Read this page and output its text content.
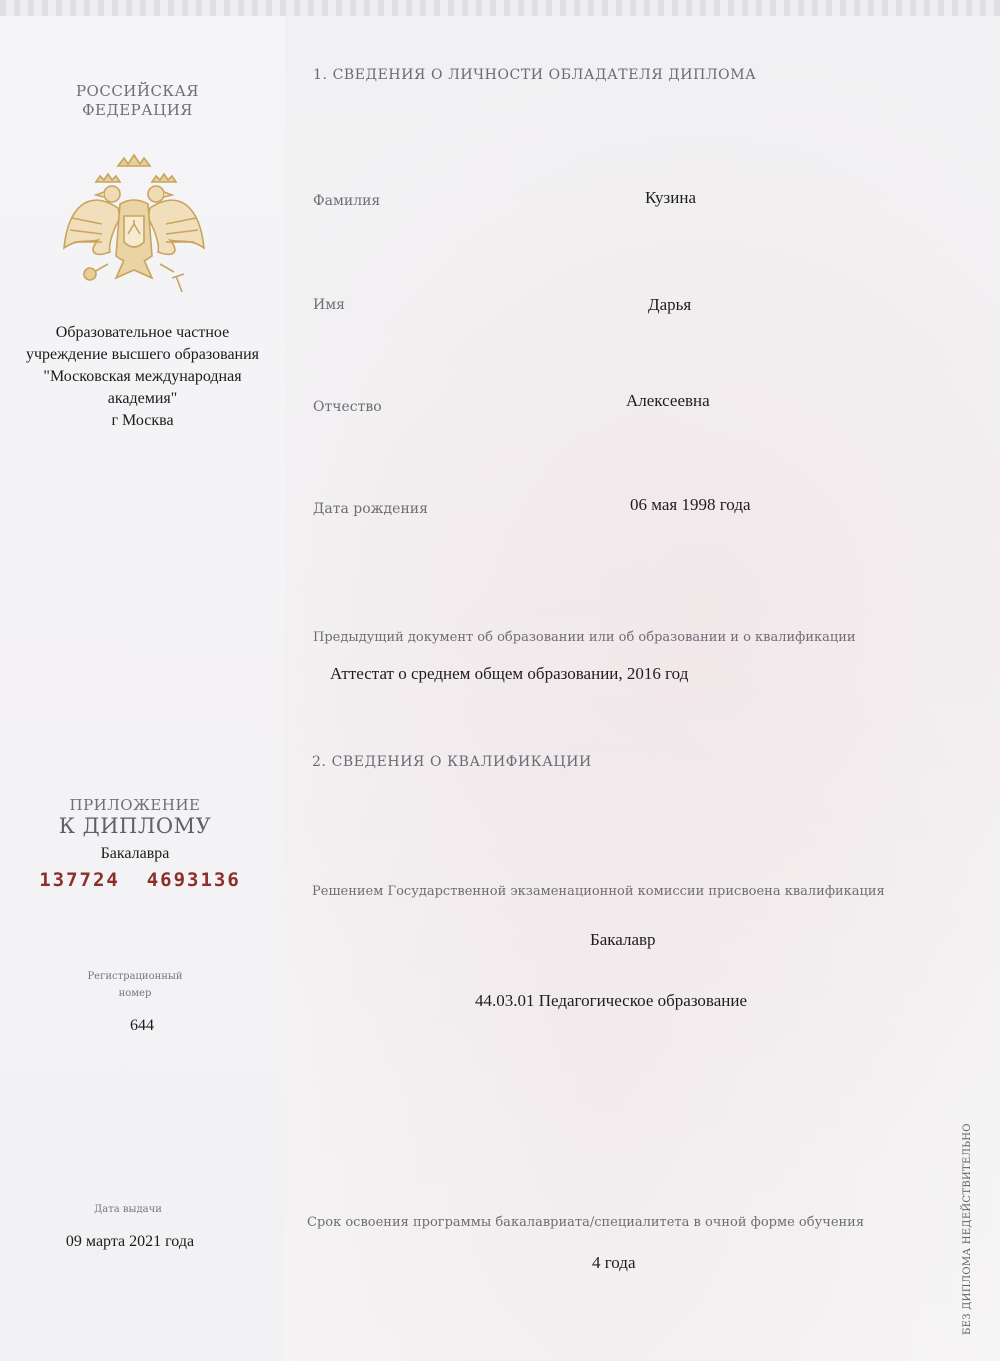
РОССИЙСКАЯ
ФЕДЕРАЦИЯ
Образовательное частное
учреждение высшего образования
"Московская международная
академия"
г Москва
ПРИЛОЖЕНИЕ
К ДИПЛОМУ
Бакалавра
137724  4693136
Регистрационный
номер
644
Дата выдачи
09 марта 2021 года
1. СВЕДЕНИЯ О ЛИЧНОСТИ ОБЛАДАТЕЛЯ ДИПЛОМА
Фамилия	Кузина
Имя	Дарья
Отчество	Алексеевна
Дата рождения	06 мая 1998 года
Предыдущий документ об образовании или об образовании и о квалификации
Аттестат о среднем общем образовании, 2016 год
2. СВЕДЕНИЯ О КВАЛИФИКАЦИИ
Решением Государственной экзаменационной комиссии присвоена квалификация
Бакалавр
44.03.01 Педагогическое образование
Срок освоения программы бакалавриата/специалитета в очной форме обучения
4 года	БЕЗ ДИПЛОМА НЕДЕЙСТВИТЕЛЬНО
